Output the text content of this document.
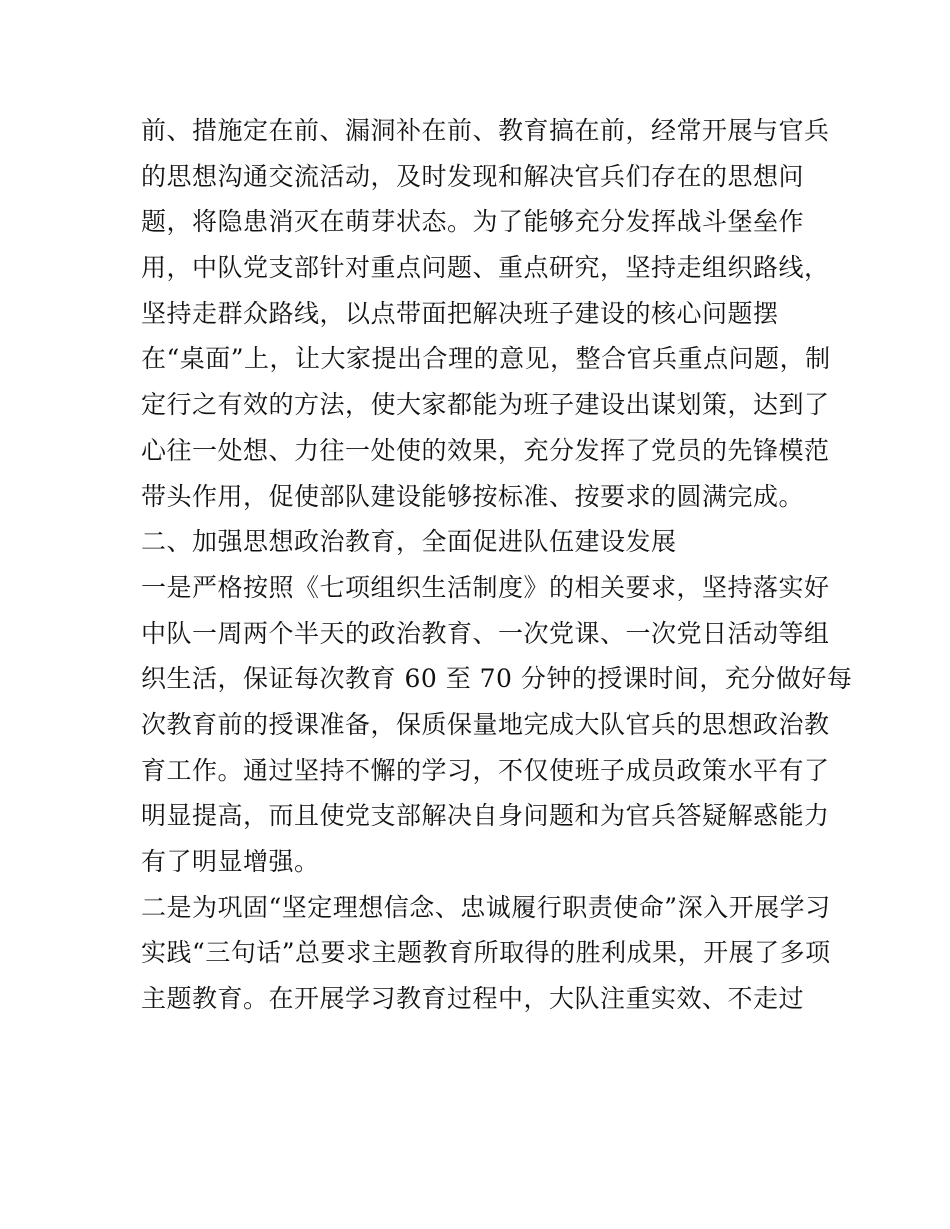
前、措施定在前、漏洞补在前、教育搞在前，经常开展与官兵
的思想沟通交流活动，及时发现和解决官兵们存在的思想问
题，将隐患消灭在萌芽状态。为了能够充分发挥战斗堡垒作
用，中队党支部针对重点问题、重点研究，坚持走组织路线，
坚持走群众路线，以点带面把解决班子建设的核心问题摆
在“桌面”上，让大家提出合理的意见，整合官兵重点问题，制
定行之有效的方法，使大家都能为班子建设出谋划策，达到了
心往一处想、力往一处使的效果，充分发挥了党员的先锋模范
带头作用，促使部队建设能够按标准、按要求的圆满完成。
二、加强思想政治教育，全面促进队伍建设发展
一是严格按照《七项组织生活制度》的相关要求，坚持落实好
中队一周两个半天的政治教育、一次党课、一次党日活动等组
织生活，保证每次教育 60 至 70 分钟的授课时间，充分做好每
次教育前的授课准备，保质保量地完成大队官兵的思想政治教
育工作。通过坚持不懈的学习，不仅使班子成员政策水平有了
明显提高，而且使党支部解决自身问题和为官兵答疑解惑能力
有了明显增强。
二是为巩固“坚定理想信念、忠诚履行职责使命”深入开展学习
实践“三句话”总要求主题教育所取得的胜利成果，开展了多项
主题教育。在开展学习教育过程中，大队注重实效、不走过
